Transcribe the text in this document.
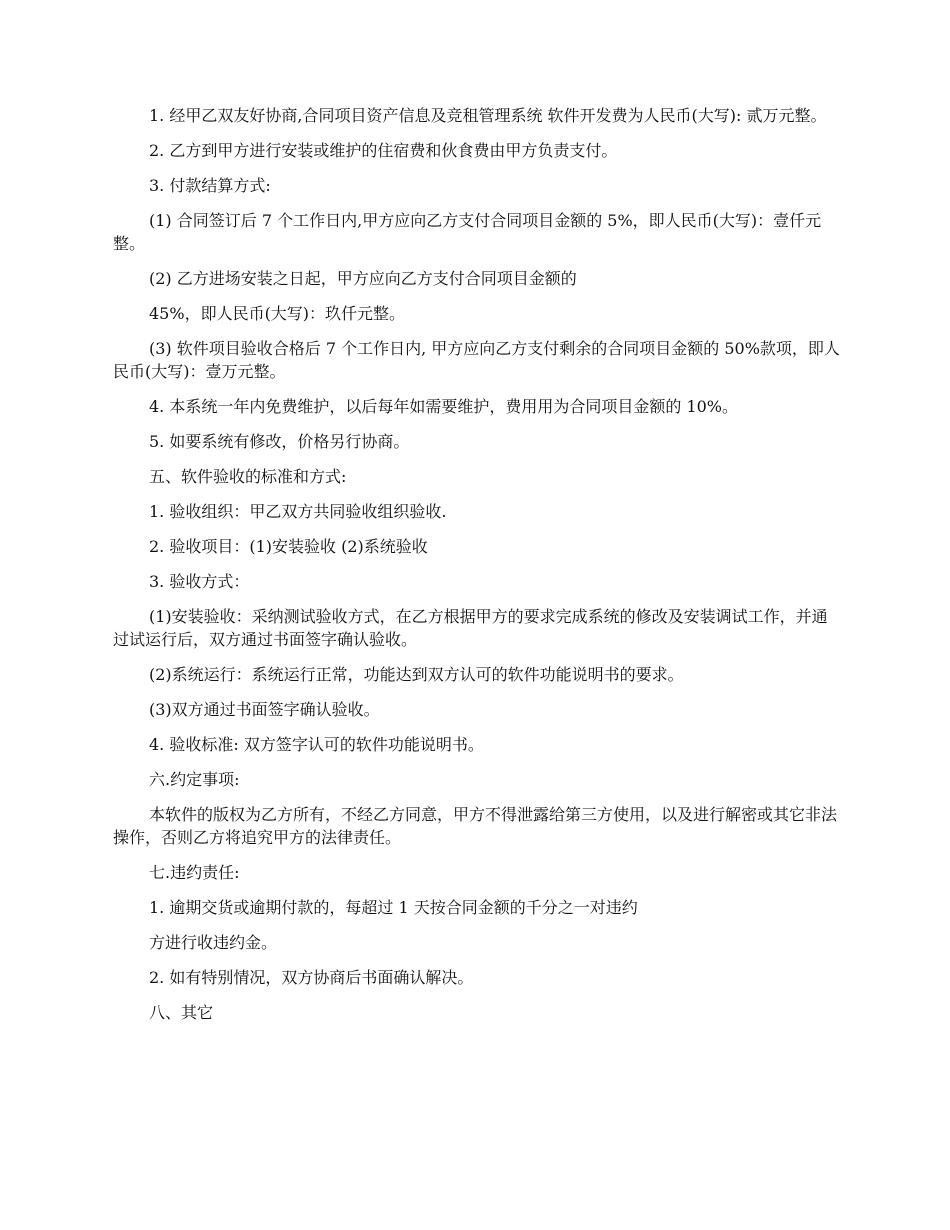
1. 经甲乙双友好协商,合同项目资产信息及竞租管理系统 软件开发费为人民币(大写): 贰万元整。

2. 乙方到甲方进行安装或维护的住宿费和伙食费由甲方负责支付。

3. 付款结算方式:

(1) 合同签订后 7 个工作日内,甲方应向乙方支付合同项目金额的 5%，即人民币(大写)：壹仟元整。

(2) 乙方进场安装之日起，甲方应向乙方支付合同项目金额的

45%，即人民币(大写)：玖仟元整。

(3) 软件项目验收合格后 7 个工作日内, 甲方应向乙方支付剩余的合同项目金额的 50%款项，即人民币(大写)：壹万元整。

4. 本系统一年内免费维护，以后每年如需要维护，费用用为合同项目金额的 10%。

5. 如要系统有修改，价格另行协商。

五、软件验收的标准和方式:

1. 验收组织：甲乙双方共同验收组织验收.

2. 验收项目：(1)安装验收 (2)系统验收

3. 验收方式：

(1)安装验收：采纳测试验收方式，在乙方根据甲方的要求完成系统的修改及安装调试工作，并通过试运行后，双方通过书面签字确认验收。

(2)系统运行：系统运行正常，功能达到双方认可的软件功能说明书的要求。

(3)双方通过书面签字确认验收。

4. 验收标准: 双方签字认可的软件功能说明书。

六.约定事项:

本软件的版权为乙方所有，不经乙方同意，甲方不得泄露给第三方使用，以及进行解密或其它非法操作，否则乙方将追究甲方的法律责任。

七.违约责任:

1. 逾期交货或逾期付款的，每超过 1 天按合同金额的千分之一对违约

方进行收违约金。

2. 如有特别情况，双方协商后书面确认解决。

八、其它
